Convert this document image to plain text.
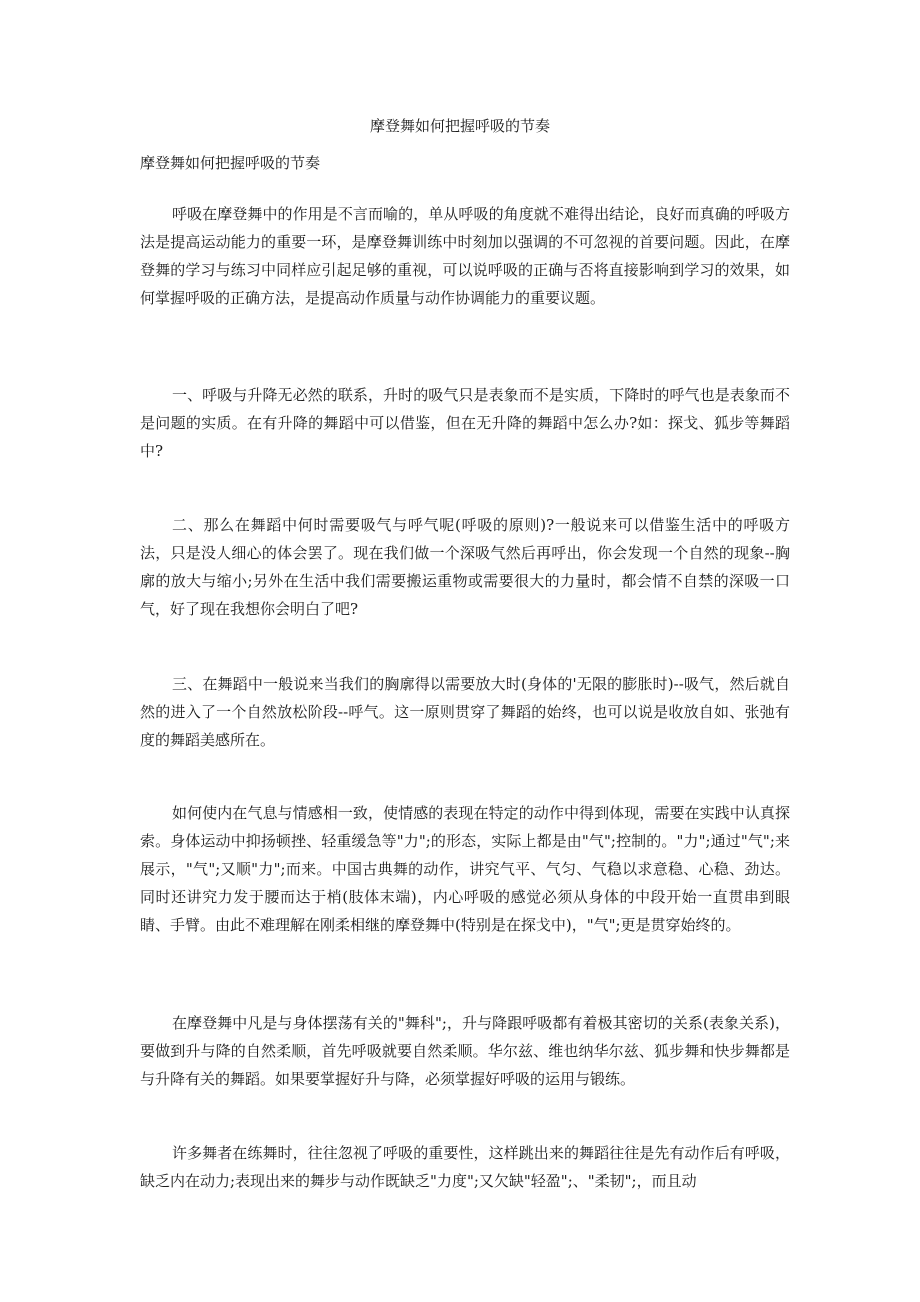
摩登舞如何把握呼吸的节奏
摩登舞如何把握呼吸的节奏

呼吸在摩登舞中的作用是不言而喻的，单从呼吸的角度就不难得出结论，良好而真确的呼吸方法是提高运动能力的重要一环，是摩登舞训练中时刻加以强调的不可忽视的首要问题。因此，在摩登舞的学习与练习中同样应引起足够的重视，可以说呼吸的正确与否将直接影响到学习的效果，如何掌握呼吸的正确方法，是提高动作质量与动作协调能力的重要议题。

一、呼吸与升降无必然的联系，升时的吸气只是表象而不是实质，下降时的呼气也是表象而不是问题的实质。在有升降的舞蹈中可以借鉴，但在无升降的舞蹈中怎么办?如：探戈、狐步等舞蹈中?

二、那么在舞蹈中何时需要吸气与呼气呢(呼吸的原则)?一般说来可以借鉴生活中的呼吸方法，只是没人细心的体会罢了。现在我们做一个深吸气然后再呼出，你会发现一个自然的现象--胸廓的放大与缩小;另外在生活中我们需要搬运重物或需要很大的力量时，都会情不自禁的深吸一口气，好了现在我想你会明白了吧?

三、在舞蹈中一般说来当我们的胸廓得以需要放大时(身体的'无限的膨胀时)--吸气，然后就自然的进入了一个自然放松阶段--呼气。这一原则贯穿了舞蹈的始终，也可以说是收放自如、张弛有度的舞蹈美感所在。

如何使内在气息与情感相一致，使情感的表现在特定的动作中得到体现，需要在实践中认真探索。身体运动中抑扬顿挫、轻重缓急等"力";的形态，实际上都是由"气";控制的。"力";通过"气";来展示，"气";又顺"力";而来。中国古典舞的动作，讲究气平、气匀、气稳以求意稳、心稳、劲达。同时还讲究力发于腰而达于梢(肢体末端)，内心呼吸的感觉必须从身体的中段开始一直贯串到眼睛、手臂。由此不难理解在刚柔相继的摩登舞中(特别是在探戈中)，"气";更是贯穿始终的。

在摩登舞中凡是与身体摆荡有关的"舞科";，升与降跟呼吸都有着极其密切的关系(表象关系)，要做到升与降的自然柔顺，首先呼吸就要自然柔顺。华尔兹、维也纳华尔兹、狐步舞和快步舞都是与升降有关的舞蹈。如果要掌握好升与降，必须掌握好呼吸的运用与锻练。

许多舞者在练舞时，往往忽视了呼吸的重要性，这样跳出来的舞蹈往往是先有动作后有呼吸，缺乏内在动力;表现出来的舞步与动作既缺乏"力度";又欠缺"轻盈";、"柔韧";，而且动
